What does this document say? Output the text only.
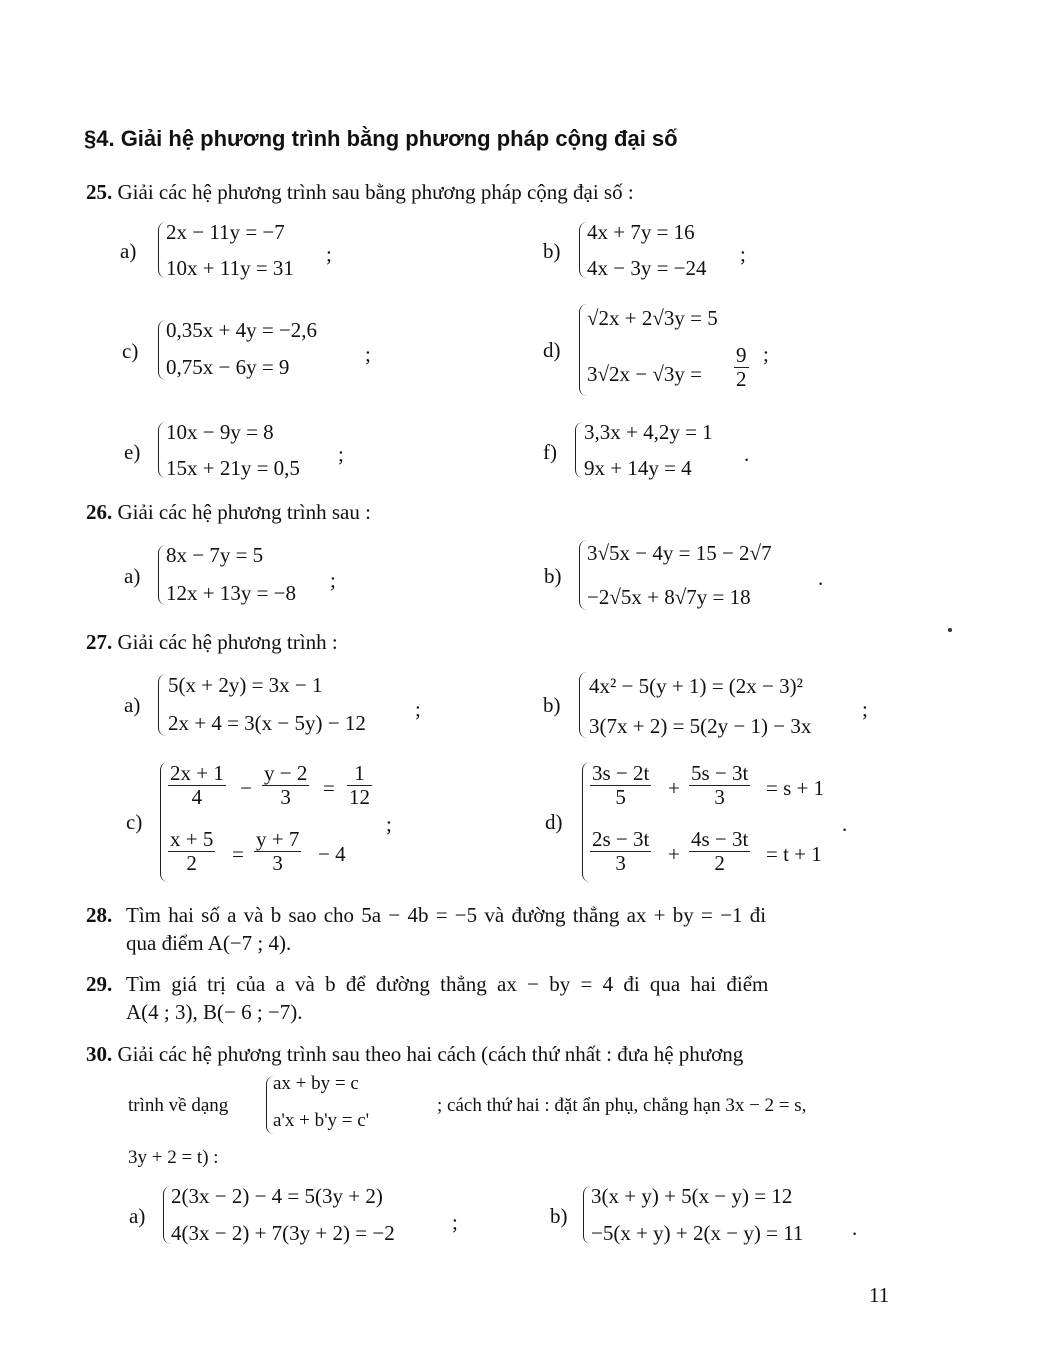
§4. Giải hệ phương trình bằng phương pháp cộng đại số
25. Giải các hệ phương trình sau bằng phương pháp cộng đại số :
a)
2x − 11y = −7
10x + 11y = 31
;	b)
4x + 7y = 16
4x − 3y = −24
;
c)
0,35x + 4y = −2,6
0,75x − 6y = 9
;	d)
√2x + 2√3y = 5
$3√2x - √3y = \frac{9}{2}$ ;
e)
10x − 9y = 8
15x + 21y = 0,5
;	f)
3,3x + 4,2y = 1
9x + 14y = 4
.
26. Giải các hệ phương trình sau :
a)
8x − 7y = 5
12x + 13y = −8
;	b)
3√5x − 4y = 15 − 2√7
−2√5x + 8√7y = 18
.
27. Giải các hệ phương trình :
a)
5(x + 2y) = 3x − 1
2x + 4 = 3(x − 5y) − 12
;	b)
4x² − 5(y + 1) = (2x − 3)²
3(7x + 2) = 5(2y − 1) − 3x
;
c)
$\frac{2x + 1}{4} - \frac{y - 2}{3} = \frac{1}{12}$
$\frac{x + 5}{2} = \frac{y + 7}{3} - 4$
;	d)
$\frac{3s - 2t}{5} + \frac{5s - 3t}{3} = s + 1$
$\frac{2s - 3t}{3} + \frac{4s - 3t}{2} = t + 1$
.
28. Tìm hai số a và b sao cho 5a − 4b = −5 và đường thẳng ax + by = −1 đi
qua điểm A(−7 ; 4).
29. Tìm giá trị của a và b để đường thẳng ax − by = 4 đi qua hai điểm
A(4 ; 3), B(− 6 ; −7).
30. Giải các hệ phương trình sau theo hai cách (cách thứ nhất : đưa hệ phương
trình về dạng
ax + by = c
a'x + b'y = c'
; cách thứ hai : đặt ẩn phụ, chẳng hạn 3x − 2 = s,
3y + 2 = t) :
a)
2(3x − 2) − 4 = 5(3y + 2)
4(3x − 2) + 7(3y + 2) = −2	;	b)
3(x + y) + 5(x − y) = 12
−5(x + y) + 2(x − y) = 11 .
11
